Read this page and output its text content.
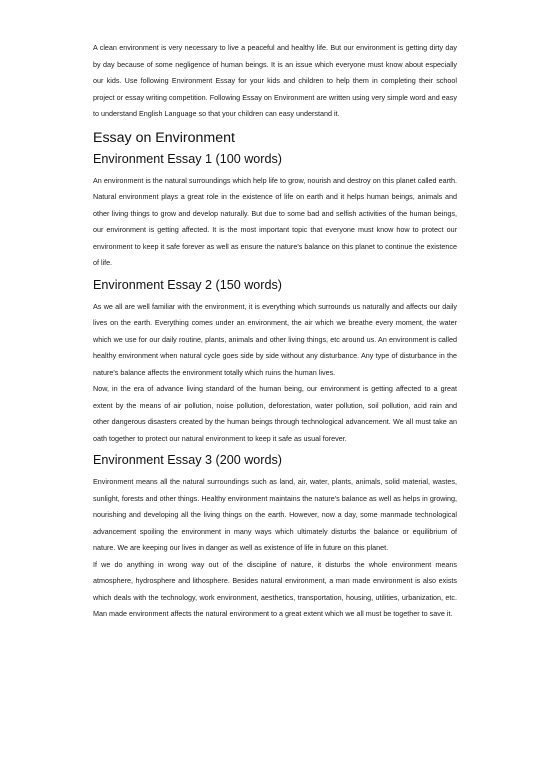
A clean environment is very necessary to live a peaceful and healthy life. But our environment is getting dirty day by day because of some negligence of human beings. It is an issue which everyone must know about especially our kids. Use following Environment Essay for your kids and children to help them in completing their school project or essay writing competition. Following Essay on Environment are written using very simple word and easy to understand English Language so that your children can easy understand it.

Essay on Environment
Environment Essay 1 (100 words)

An environment is the natural surroundings which help life to grow, nourish and destroy on this planet called earth. Natural environment plays a great role in the existence of life on earth and it helps human beings, animals and other living things to grow and develop naturally. But due to some bad and selfish activities of the human beings, our environment is getting affected. It is the most important topic that everyone must know how to protect our environment to keep it safe forever as well as ensure the nature's balance on this planet to continue the existence of life.

Environment Essay 2 (150 words)

As we all are well familiar with the environment, it is everything which surrounds us naturally and affects our daily lives on the earth. Everything comes under an environment, the air which we breathe every moment, the water which we use for our daily routine, plants, animals and other living things, etc around us. An environment is called healthy environment when natural cycle goes side by side without any disturbance. Any type of disturbance in the nature's balance affects the environment totally which ruins the human lives.

Now, in the era of advance living standard of the human being, our environment is getting affected to a great extent by the means of air pollution, noise pollution, deforestation, water pollution, soil pollution, acid rain and other dangerous disasters created by the human beings through technological advancement. We all must take an oath together to protect our natural environment to keep it safe as usual forever.

Environment Essay 3 (200 words)

Environment means all the natural surroundings such as land, air, water, plants, animals, solid material, wastes, sunlight, forests and other things. Healthy environment maintains the nature's balance as well as helps in growing, nourishing and developing all the living things on the earth. However, now a day, some manmade technological advancement spoiling the environment in many ways which ultimately disturbs the balance or equilibrium of nature. We are keeping our lives in danger as well as existence of life in future on this planet.

If we do anything in wrong way out of the discipline of nature, it disturbs the whole environment means atmosphere, hydrosphere and lithosphere. Besides natural environment, a man made environment is also exists which deals with the technology, work environment, aesthetics, transportation, housing, utilities, urbanization, etc. Man made environment affects the natural environment to a great extent which we all must be together to save it.
